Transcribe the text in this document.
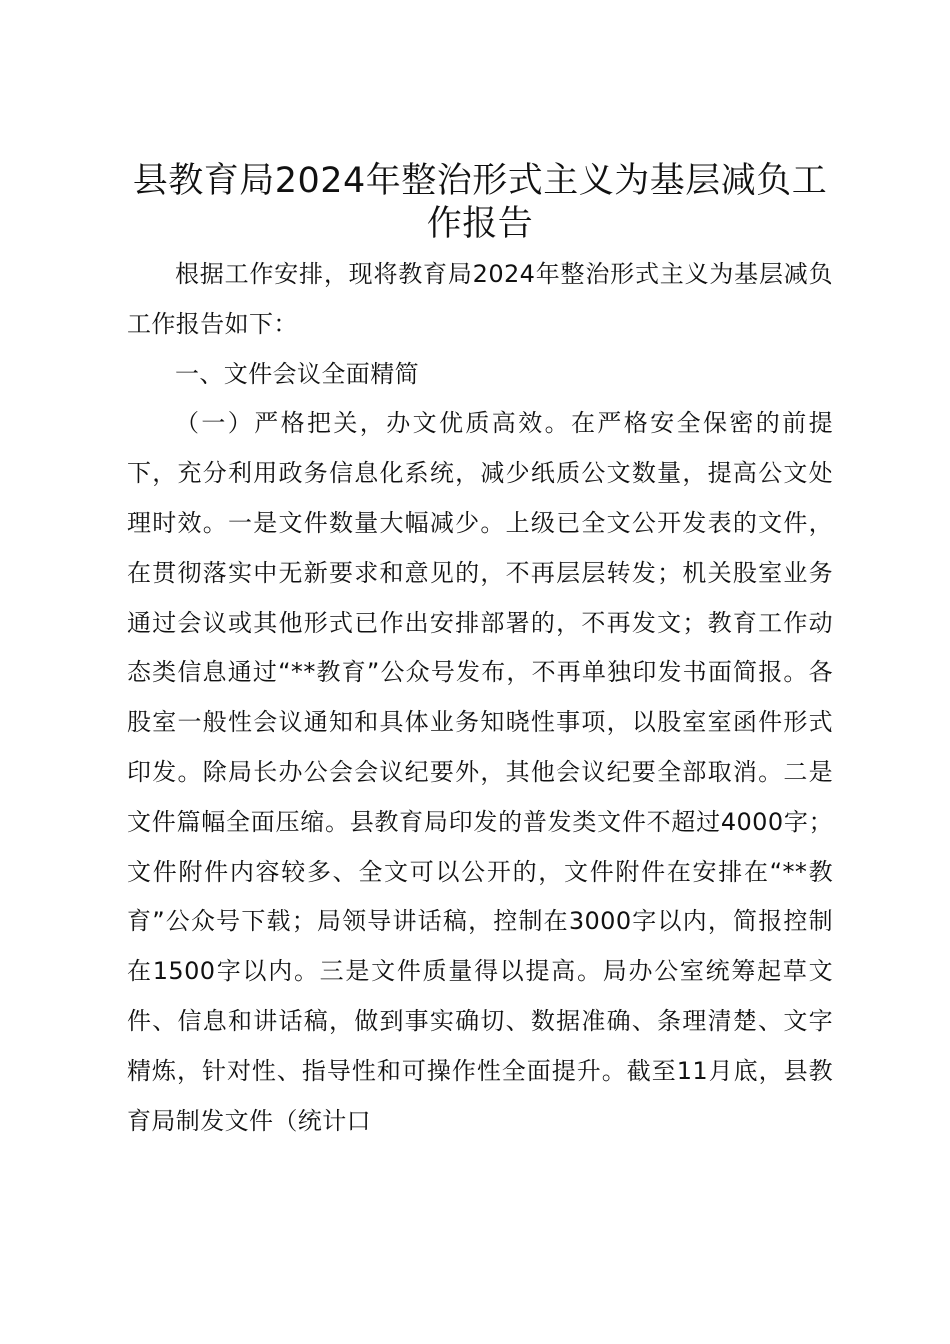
县教育局2024年整治形式主义为基层减负工作报告

根据工作安排，现将教育局2024年整治形式主义为基层减负工作报告如下：

一、文件会议全面精简

（一）严格把关，办文优质高效。在严格安全保密的前提下，充分利用政务信息化系统，减少纸质公文数量，提高公文处理时效。一是文件数量大幅减少。上级已全文公开发表的文件，在贯彻落实中无新要求和意见的，不再层层转发；机关股室业务通过会议或其他形式已作出安排部署的，不再发文；教育工作动态类信息通过“**教育”公众号发布，不再单独印发书面简报。各股室一般性会议通知和具体业务知晓性事项，以股室室函件形式印发。除局长办公会会议纪要外，其他会议纪要全部取消。二是文件篇幅全面压缩。县教育局印发的普发类文件不超过4000字；文件附件内容较多、全文可以公开的，文件附件在安排在“**教育”公众号下载；局领导讲话稿，控制在3000字以内，简报控制在1500字以内。三是文件质量得以提高。局办公室统筹起草文件、信息和讲话稿，做到事实确切、数据准确、条理清楚、文字精炼，针对性、指导性和可操作性全面提升。截至11月底，县教育局制发文件（统计口
